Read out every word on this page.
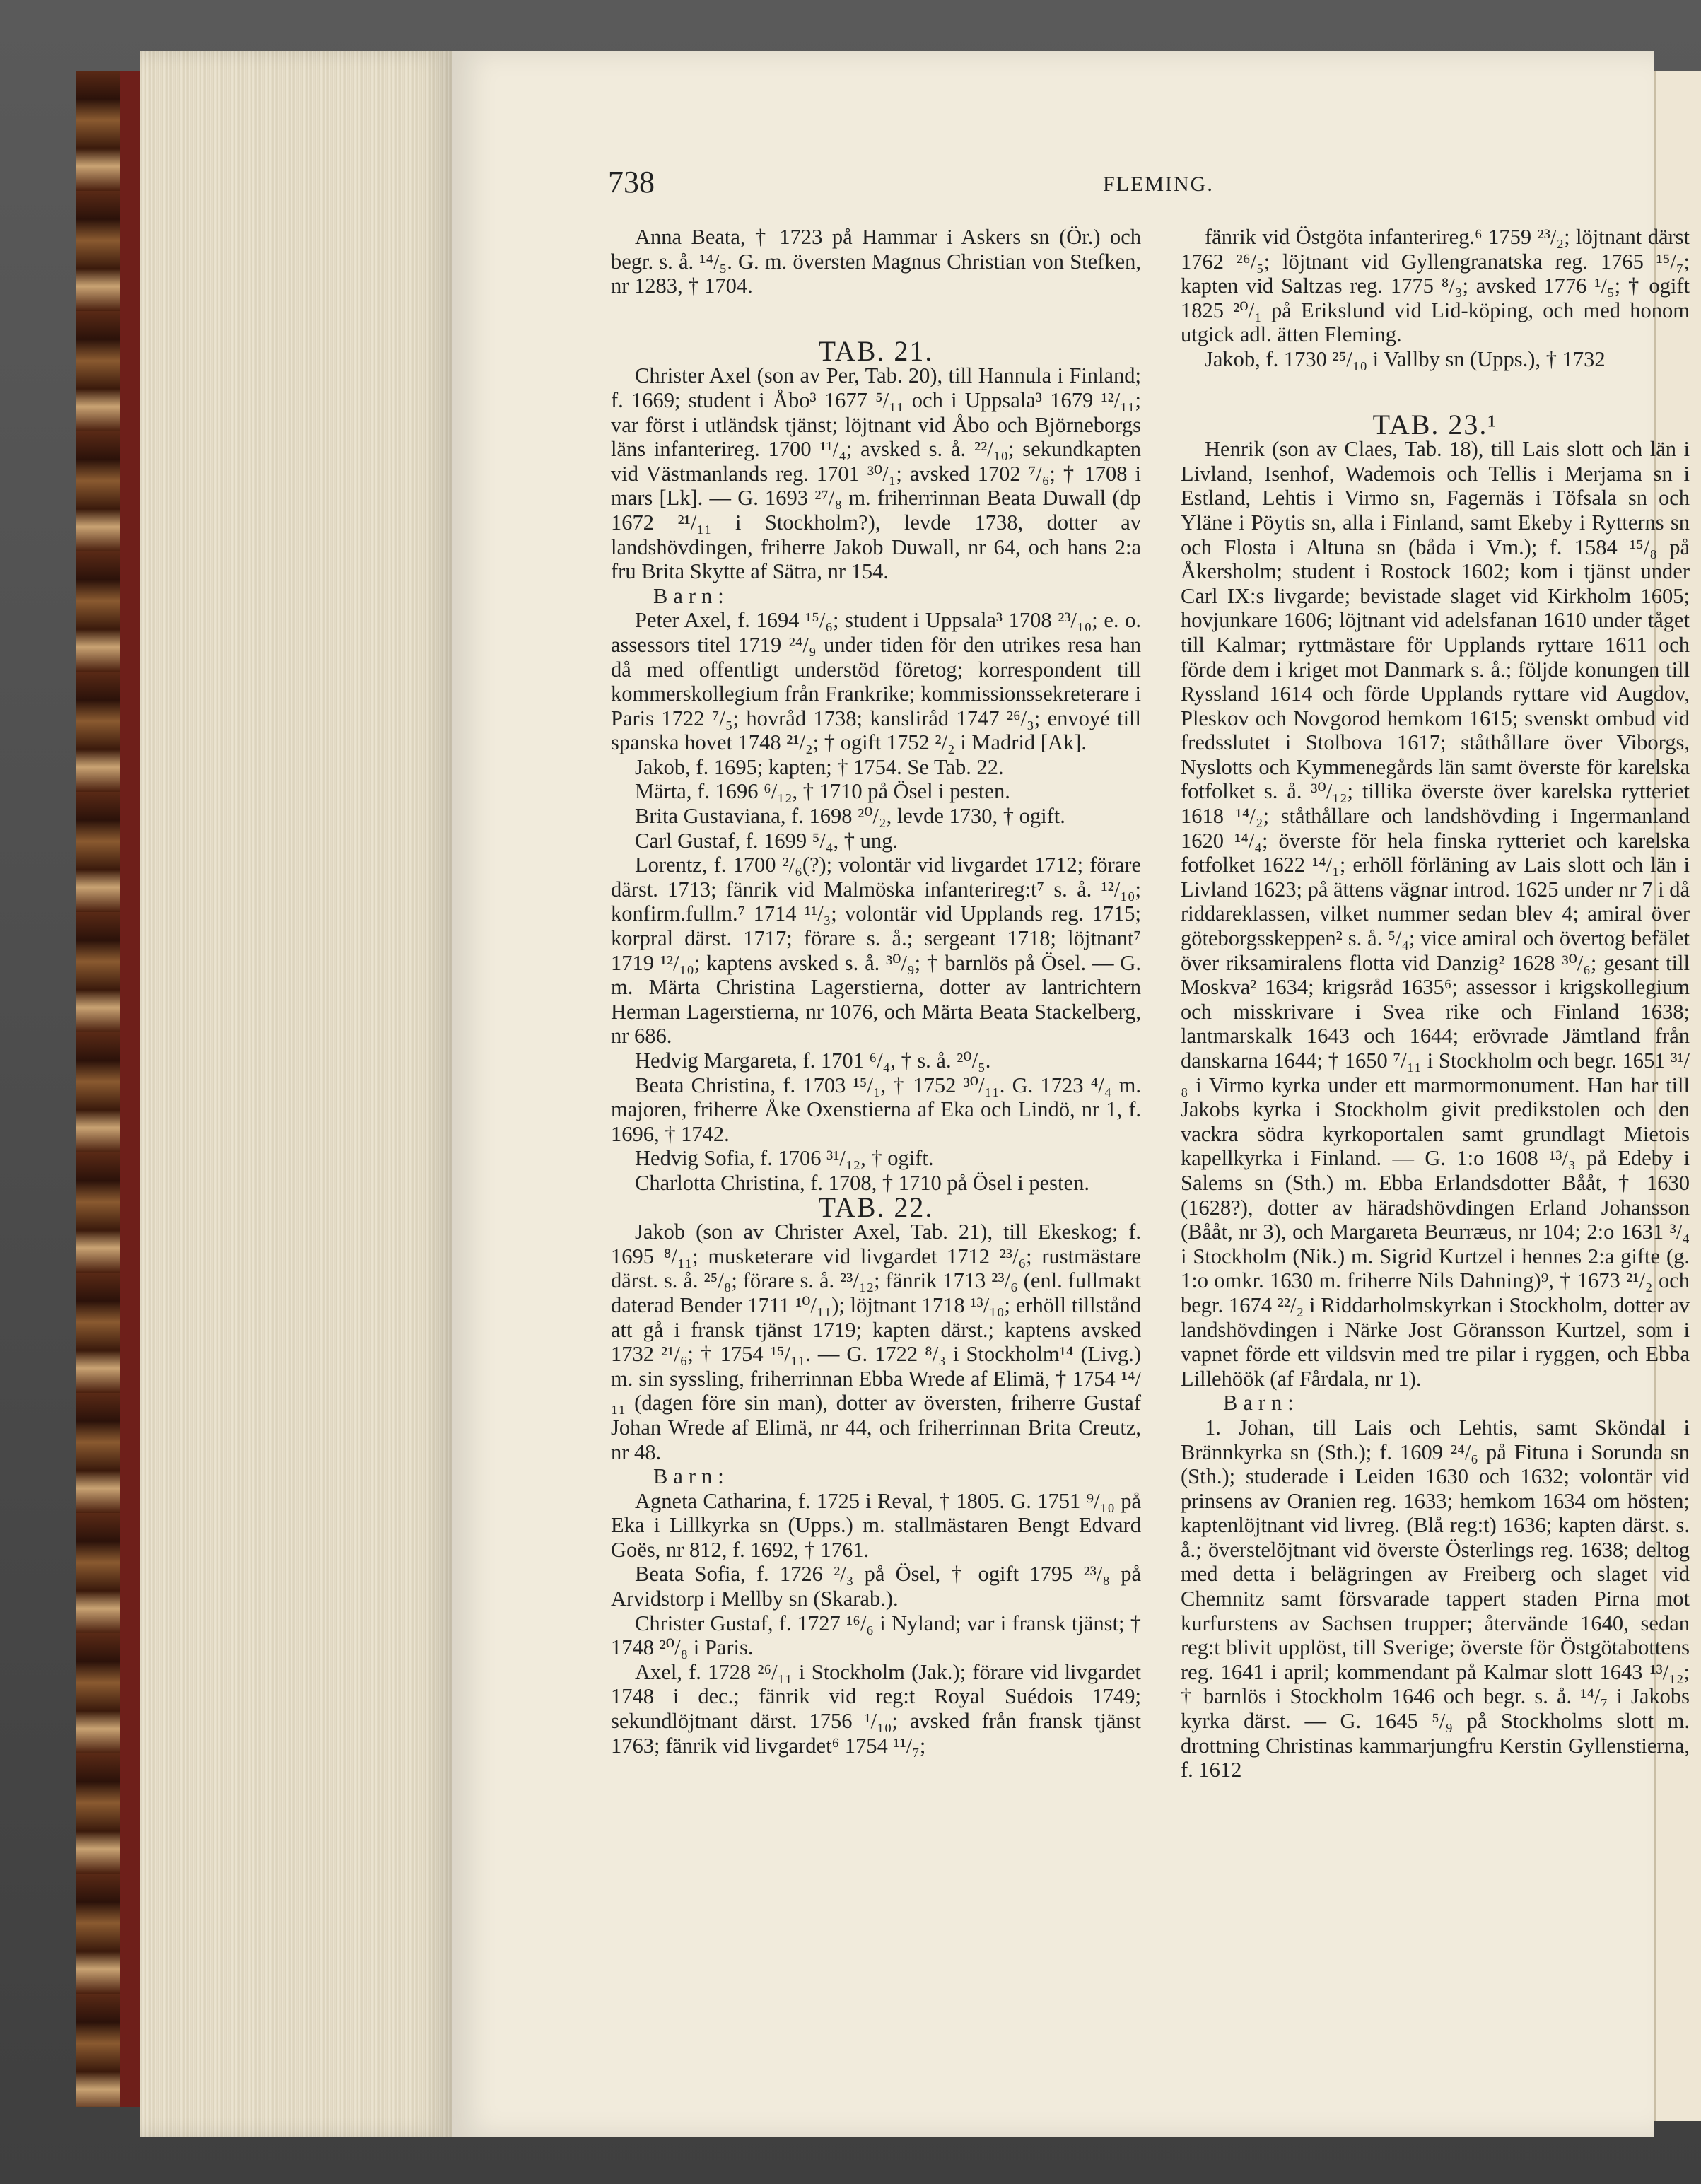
738	FLEMING.

Anna Beata, † 1723 på Hammar i Askers sn (Ör.) och begr. s. å. ¹⁴/₅. G. m. översten Magnus Christian von Stefken, nr 1283, † 1704.

TAB. 21.

Christer Axel (son av Per, Tab. 20), till Hannula i Finland; f. 1669; student i Åbo³ 1677 ⁵/₁₁ och i Uppsala³ 1679 ¹²/₁₁; var först i utländsk tjänst; löjtnant vid Åbo och Björneborgs läns infanterireg. 1700 ¹¹/₄; avsked s. å. ²²/₁₀; sekundkapten vid Västmanlands reg. 1701 ³⁰/₁; avsked 1702 ⁷/₆; † 1708 i mars [Lk]. — G. 1693 ²⁷/₈ m. friherrinnan Beata Duwall (dp 1672 ²¹/₁₁ i Stockholm?), levde 1738, dotter av landshövdingen, friherre Jakob Duwall, nr 64, och hans 2:a fru Brita Skytte af Sätra, nr 154.

Barn:

Peter Axel, f. 1694 ¹⁵/₆; student i Uppsala³ 1708 ²³/₁₀; e. o. assessors titel 1719 ²⁴/₉ under tiden för den utrikes resa han då med offentligt understöd företog; korrespondent till kommerskollegium från Frankrike; kommissionssekreterare i Paris 1722 ⁷/₅; hovråd 1738; kansliråd 1747 ²⁶/₃; envoyé till spanska hovet 1748 ²¹/₂; † ogift 1752 ²/₂ i Madrid [Ak].

Jakob, f. 1695; kapten; † 1754. Se Tab. 22.

Märta, f. 1696 ⁶/₁₂, † 1710 på Ösel i pesten.

Brita Gustaviana, f. 1698 ²⁰/₂, levde 1730, † ogift.

Carl Gustaf, f. 1699 ⁵/₄, † ung.

Lorentz, f. 1700 ²/₆(?); volontär vid livgardet 1712; förare därst. 1713; fänrik vid Malmöska infanterireg:t⁷ s. å. ¹²/₁₀; konfirm.fullm.⁷ 1714 ¹¹/₃; volontär vid Upplands reg. 1715; korpral därst. 1717; förare s. å.; sergeant 1718; löjtnant⁷ 1719 ¹²/₁₀; kaptens avsked s. å. ³⁰/₉; † barnlös på Ösel. — G. m. Märta Christina Lagerstierna, dotter av lantrichtern Herman Lagerstierna, nr 1076, och Märta Beata Stackelberg, nr 686.

Hedvig Margareta, f. 1701 ⁶/₄, † s. å. ²⁰/₅.

Beata Christina, f. 1703 ¹⁵/₁, † 1752 ³⁰/₁₁. G. 1723 ⁴/₄ m. majoren, friherre Åke Oxenstierna af Eka och Lindö, nr 1, f. 1696, † 1742.

Hedvig Sofia, f. 1706 ³¹/₁₂, † ogift.

Charlotta Christina, f. 1708, † 1710 på Ösel i pesten.

TAB. 22.

Jakob (son av Christer Axel, Tab. 21), till Ekeskog; f. 1695 ⁸/₁₁; musketerare vid livgardet 1712 ²³/₆; rustmästare därst. s. å. ²⁵/₈; förare s. å. ²³/₁₂; fänrik 1713 ²³/₆ (enl. fullmakt daterad Bender 1711 ¹⁰/₁₁); löjtnant 1718 ¹³/₁₀; erhöll tillstånd att gå i fransk tjänst 1719; kapten därst.; kaptens avsked 1732 ²¹/₆; † 1754 ¹⁵/₁₁. — G. 1722 ⁸/₃ i Stockholm¹⁴ (Livg.) m. sin syssling, friherrinnan Ebba Wrede af Elimä, † 1754 ¹⁴/₁₁ (dagen före sin man), dotter av översten, friherre Gustaf Johan Wrede af Elimä, nr 44, och friherrinnan Brita Creutz, nr 48.

Barn:

Agneta Catharina, f. 1725 i Reval, † 1805. G. 1751 ⁹/₁₀ på Eka i Lillkyrka sn (Upps.) m. stallmästaren Bengt Edvard Goës, nr 812, f. 1692, † 1761.

Beata Sofia, f. 1726 ²/₃ på Ösel, † ogift 1795 ²³/₈ på Arvidstorp i Mellby sn (Skarab.).

Christer Gustaf, f. 1727 ¹⁶/₆ i Nyland; var i fransk tjänst; † 1748 ²⁰/₈ i Paris.

Axel, f. 1728 ²⁶/₁₁ i Stockholm (Jak.); förare vid livgardet 1748 i dec.; fänrik vid reg:t Royal Suédois 1749; sekundlöjtnant därst. 1756 ¹/₁₀; avsked från fransk tjänst 1763; fänrik vid livgardet⁶ 1754 ¹¹/₇;

fänrik vid Östgöta infanterireg.⁶ 1759 ²³/₂; löjtnant därst 1762 ²⁶/₅; löjtnant vid Gyllengranatska reg. 1765 ¹⁵/₇; kapten vid Saltzas reg. 1775 ⁸/₃; avsked 1776 ¹/₅; † ogift 1825 ²⁰/₁ på Erikslund vid Lid-köping, och med honom utgick adl. ätten Fleming.

Jakob, f. 1730 ²⁵/₁₀ i Vallby sn (Upps.), † 1732

TAB. 23.¹

Henrik (son av Claes, Tab. 18), till Lais slott och län i Livland, Isenhof, Wademois och Tellis i Merjama sn i Estland, Lehtis i Virmo sn, Fagernäs i Töfsala sn och Yläne i Pöytis sn, alla i Finland, samt Ekeby i Rytterns sn och Flosta i Altuna sn (båda i Vm.); f. 1584 ¹⁵/₈ på Åkersholm; student i Rostock 1602; kom i tjänst under Carl IX:s livgarde; bevistade slaget vid Kirkholm 1605; hovjunkare 1606; löjtnant vid adelsfanan 1610 under tåget till Kalmar; ryttmästare för Upplands ryttare 1611 och förde dem i kriget mot Danmark s. å.; följde konungen till Ryssland 1614 och förde Upplands ryttare vid Augdov, Pleskov och Novgorod hemkom 1615; svenskt ombud vid fredsslutet i Stolbova 1617; ståthållare över Viborgs, Nyslotts och Kymmenegårds län samt överste för karelska fotfolket s. å. ³⁰/₁₂; tillika överste över karelska rytteriet 1618 ¹⁴/₂; ståthållare och landshövding i Ingermanland 1620 ¹⁴/₄; överste för hela finska rytteriet och karelska fotfolket 1622 ¹⁴/₁; erhöll förläning av Lais slott och län i Livland 1623; på ättens vägnar introd. 1625 under nr 7 i då riddareklassen, vilket nummer sedan blev 4; amiral över göteborgsskeppen² s. å. ⁵/₄; vice amiral och övertog befälet över riksamiralens flotta vid Danzig² 1628 ³⁰/₆; gesant till Moskva² 1634; krigsråd 1635⁶; assessor i krigskollegium och misskrivare i Svea rike och Finland 1638; lantmarskalk 1643 och 1644; erövrade Jämtland från danskarna 1644; † 1650 ⁷/₁₁ i Stockholm och begr. 1651 ³¹/₈ i Virmo kyrka under ett marmormonument. Han har till Jakobs kyrka i Stockholm givit predikstolen och den vackra södra kyrkoportalen samt grundlagt Mietois kapellkyrka i Finland. — G. 1:o 1608 ¹³/₃ på Edeby i Salems sn (Sth.) m. Ebba Erlandsdotter Bååt, † 1630 (1628?), dotter av häradshövdingen Erland Johansson (Bååt, nr 3), och Margareta Beurræus, nr 104; 2:o 1631 ³/₄ i Stockholm (Nik.) m. Sigrid Kurtzel i hennes 2:a gifte (g. 1:o omkr. 1630 m. friherre Nils Dahning)⁹, † 1673 ²¹/₂ och begr. 1674 ²²/₂ i Riddarholmskyrkan i Stockholm, dotter av landshövdingen i Närke Jost Göransson Kurtzel, som i vapnet förde ett vildsvin med tre pilar i ryggen, och Ebba Lillehöök (af Fårdala, nr 1).

Barn:

1. Johan, till Lais och Lehtis, samt Sköndal i Brännkyrka sn (Sth.); f. 1609 ²⁴/₆ på Fituna i Sorunda sn (Sth.); studerade i Leiden 1630 och 1632; volontär vid prinsens av Oranien reg. 1633; hemkom 1634 om hösten; kaptenlöjtnant vid livreg. (Blå reg:t) 1636; kapten därst. s. å.; överstelöjtnant vid överste Österlings reg. 1638; deltog med detta i belägringen av Freiberg och slaget vid Chemnitz samt försvarade tappert staden Pirna mot kurfurstens av Sachsen trupper; återvände 1640, sedan reg:t blivit upplöst, till Sverige; överste för Östgötabottens reg. 1641 i april; kommendant på Kalmar slott 1643 ¹³/₁₂; † barnlös i Stockholm 1646 och begr. s. å. ¹⁴/₇ i Jakobs kyrka därst. — G. 1645 ⁵/₉ på Stockholms slott m. drottning Christinas kammarjungfru Kerstin Gyllenstierna, f. 1612
